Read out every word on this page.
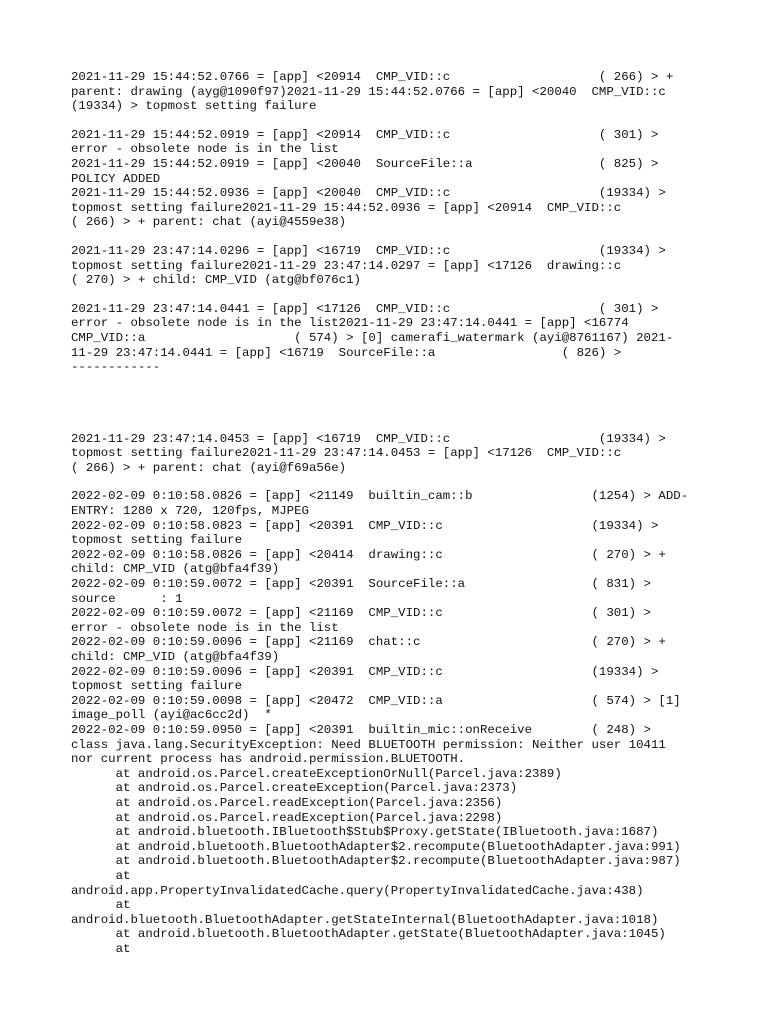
2021-11-29 15:44:52.0766 = [app] <20914  CMP_VID::c                    ( 266) > +
parent: drawing (ayg@1090f97)2021-11-29 15:44:52.0766 = [app] <20040  CMP_VID::c
(19334) > topmost setting failure
2021-11-29 15:44:52.0919 = [app] <20914  CMP_VID::c                    ( 301) >
error - obsolete node is in the list
2021-11-29 15:44:52.0919 = [app] <20040  SourceFile::a                 ( 825) >
POLICY ADDED
2021-11-29 15:44:52.0936 = [app] <20040  CMP_VID::c                    (19334) >
topmost setting failure2021-11-29 15:44:52.0936 = [app] <20914  CMP_VID::c
( 266) > + parent: chat (ayi@4559e38)
2021-11-29 23:47:14.0296 = [app] <16719  CMP_VID::c                    (19334) >
topmost setting failure2021-11-29 23:47:14.0297 = [app] <17126  drawing::c
( 270) > + child: CMP_VID (atg@bf076c1)
2021-11-29 23:47:14.0441 = [app] <17126  CMP_VID::c                    ( 301) >
error - obsolete node is in the list2021-11-29 23:47:14.0441 = [app] <16774
CMP_VID::a                    ( 574) > [0] camerafi_watermark (ayi@8761167) 2021-
11-29 23:47:14.0441 = [app] <16719  SourceFile::a                 ( 826) >
------------
2021-11-29 23:47:14.0453 = [app] <16719  CMP_VID::c                    (19334) >
topmost setting failure2021-11-29 23:47:14.0453 = [app] <17126  CMP_VID::c
( 266) > + parent: chat (ayi@f69a56e)
2022-02-09 0:10:58.0826 = [app] <21149  builtin_cam::b                (1254) > ADD-
ENTRY: 1280 x 720, 120fps, MJPEG
2022-02-09 0:10:58.0823 = [app] <20391  CMP_VID::c                    (19334) >
topmost setting failure
2022-02-09 0:10:58.0826 = [app] <20414  drawing::c                    ( 270) > +
child: CMP_VID (atg@bfa4f39)
2022-02-09 0:10:59.0072 = [app] <20391  SourceFile::a                 ( 831) >
source      : 1
2022-02-09 0:10:59.0072 = [app] <21169  CMP_VID::c                    ( 301) >
error - obsolete node is in the list
2022-02-09 0:10:59.0096 = [app] <21169  chat::c                       ( 270) > +
child: CMP_VID (atg@bfa4f39)
2022-02-09 0:10:59.0096 = [app] <20391  CMP_VID::c                    (19334) >
topmost setting failure
2022-02-09 0:10:59.0098 = [app] <20472  CMP_VID::a                    ( 574) > [1]
image_poll (ayi@ac6cc2d)  *
2022-02-09 0:10:59.0950 = [app] <20391  builtin_mic::onReceive        ( 248) >
class java.lang.SecurityException: Need BLUETOOTH permission: Neither user 10411
nor current process has android.permission.BLUETOOTH.
at android.os.Parcel.createExceptionOrNull(Parcel.java:2389)
at android.os.Parcel.createException(Parcel.java:2373)
at android.os.Parcel.readException(Parcel.java:2356)
at android.os.Parcel.readException(Parcel.java:2298)
at android.bluetooth.IBluetooth$Stub$Proxy.getState(IBluetooth.java:1687)
at android.bluetooth.BluetoothAdapter$2.recompute(BluetoothAdapter.java:991)
at android.bluetooth.BluetoothAdapter$2.recompute(BluetoothAdapter.java:987)
at
android.app.PropertyInvalidatedCache.query(PropertyInvalidatedCache.java:438)
at
android.bluetooth.BluetoothAdapter.getStateInternal(BluetoothAdapter.java:1018)
at android.bluetooth.BluetoothAdapter.getState(BluetoothAdapter.java:1045)
at
